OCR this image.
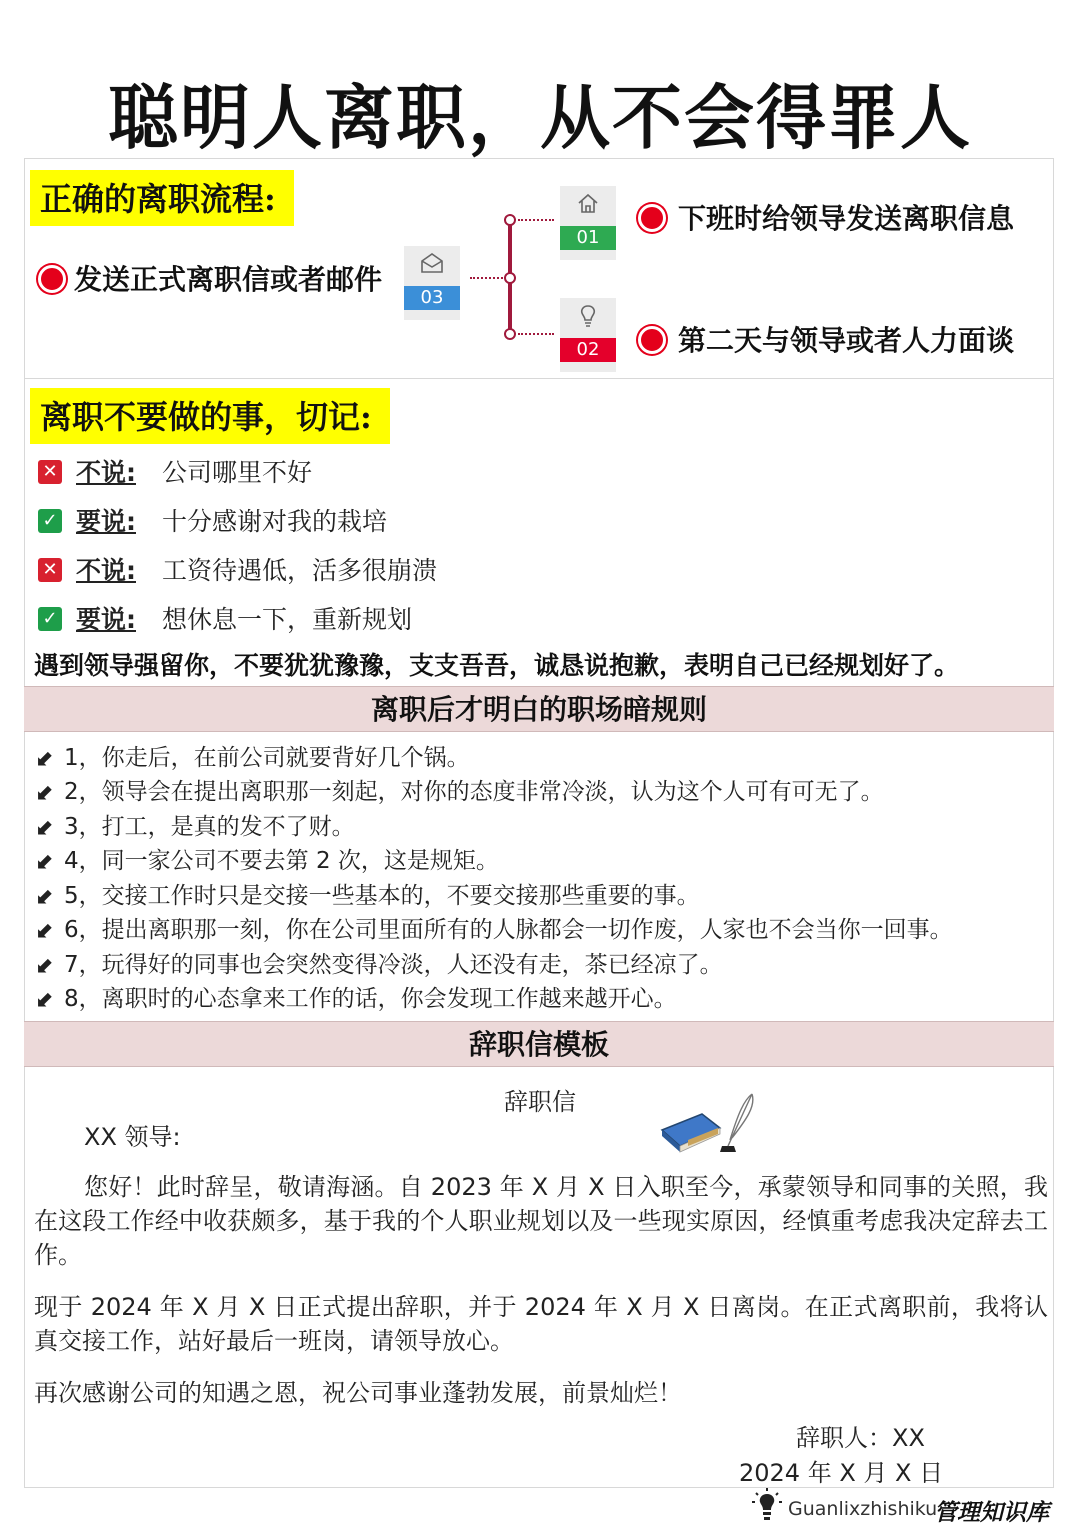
聪明人离职，从不会得罪人
正确的离职流程:
发送正式离职信或者邮件
03
01
下班时给领导发送离职信息
02	第二天与领导或者人力面谈
离职不要做的事，切记:
✕ 不说: 公司哪里不好
✓ 要说: 十分感谢对我的栽培
✕ 不说: 工资待遇低，活多很崩溃
✓ 要说: 想休息一下，重新规划
遇到领导强留你，不要犹犹豫豫，支支吾吾，诚恳说抱歉，表明自己已经规划好了。
离职后才明白的职场暗规则
⬋ 1，你走后，在前公司就要背好几个锅。
⬋ 2，领导会在提出离职那一刻起，对你的态度非常冷淡，认为这个人可有可无了。
⬋ 3，打工，是真的发不了财。
⬋ 4，同一家公司不要去第 2 次，这是规矩。
⬋ 5，交接工作时只是交接一些基本的，不要交接那些重要的事。
⬋ 6，提出离职那一刻，你在公司里面所有的人脉都会一切作废，人家也不会当你一回事。
⬋ 7，玩得好的同事也会突然变得冷淡，人还没有走，茶已经凉了。
⬋ 8，离职时的心态拿来工作的话，你会发现工作越来越开心。
辞职信模板
辞职信
XX 领导:
您好！此时辞呈，敬请海涵。自 2023 年 X 月 X 日入职至今，承蒙领导和同事的关照，我在这段工作经中收获颇多，基于我的个人职业规划以及一些现实原因，经慎重考虑我决定辞去工作。
现于 2024 年 X 月 X 日正式提出辞职，并于 2024 年 X 月 X 日离岗。在正式离职前，我将认真交接工作，站好最后一班岗，请领导放心。
再次感谢公司的知遇之恩，祝公司事业蓬勃发展，前景灿烂！
辞职人：XX
2024 年 X 月 X 日
Guanlixzhishiku
管理知识库
